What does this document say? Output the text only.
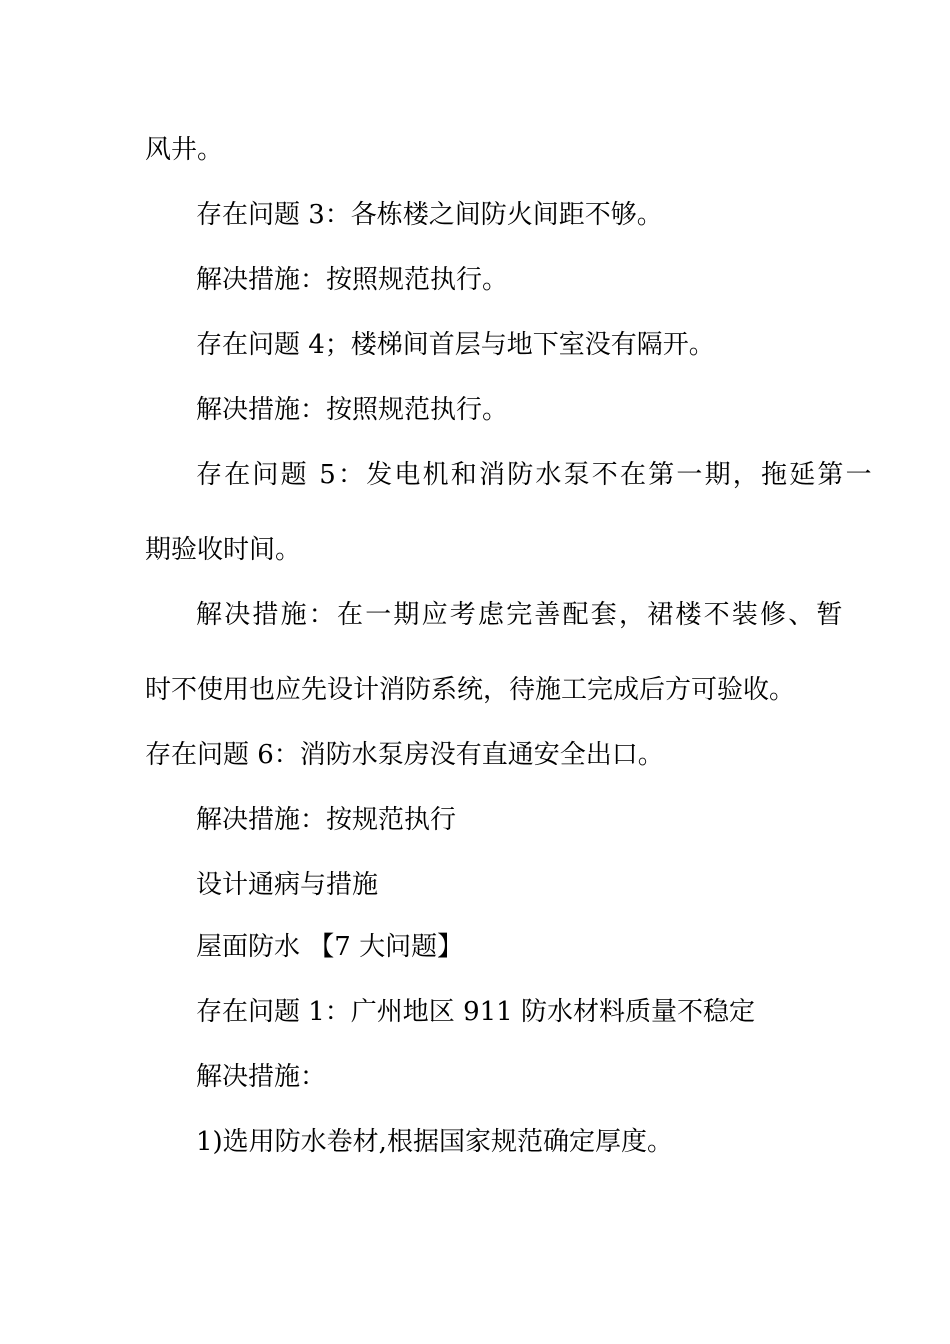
风井。
存在问题 3：各栋楼之间防火间距不够。
解决措施：按照规范执行。
存在问题 4；楼梯间首层与地下室没有隔开。
解决措施：按照规范执行。
存在问题 5：发电机和消防水泵不在第一期，拖延第一
期验收时间。
解决措施：在一期应考虑完善配套，裙楼不装修、暂
时不使用也应先设计消防系统，待施工完成后方可验收。
存在问题 6：消防水泵房没有直通安全出口。
解决措施：按规范执行
设计通病与措施
屋面防水 【7 大问题】
存在问题 1：广州地区 911 防水材料质量不稳定
解决措施：
1)选用防水卷材,根据国家规范确定厚度。
